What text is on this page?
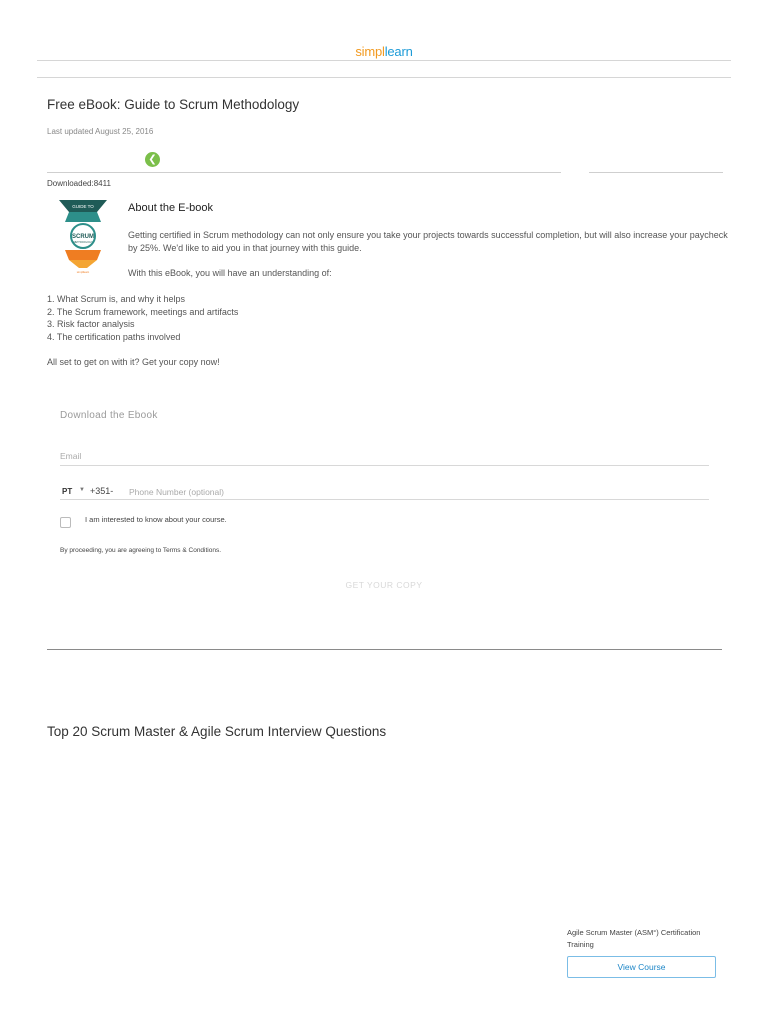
simpllearn
Free eBook: Guide to Scrum Methodology
Last updated August 25, 2016
❮
Downloaded:8411
GUIDE TO
SCRUM
METHODOLOGY
simplilearn
About the E-book
Getting certified in Scrum methodology can not only ensure you take your projects towards successful completion, but will also increase your paycheck by 25%. We'd like to aid you in that journey with this guide.
With this eBook, you will have an understanding of:
1. What Scrum is, and why it helps
2. The Scrum framework, meetings and artifacts
3. Risk factor analysis
4. The certification paths involved
All set to get on with it? Get your copy now!
Download the Ebook
Email
PT ▼ +351- Phone Number (optional)
I am interested to know about your course.
By proceeding, you are agreeing to Terms & Conditions.
GET YOUR COPY
Top 20 Scrum Master & Agile Scrum Interview Questions
Agile Scrum Master (ASM°) Certification Training
View Course
